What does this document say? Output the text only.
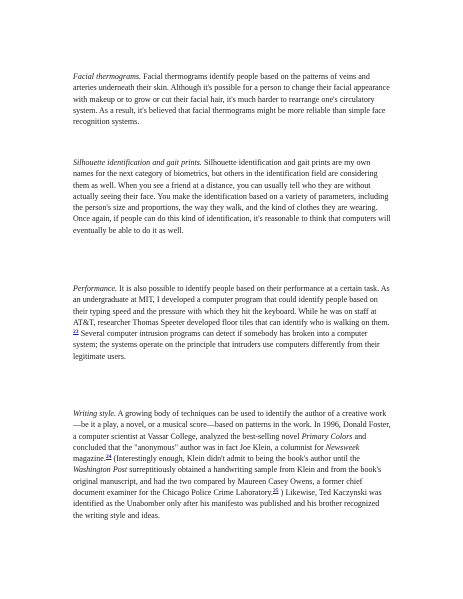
Facial thermograms. Facial thermograms identify people based on the patterns of veins and arteries underneath their skin. Although it's possible for a person to change their facial appearance with makeup or to grow or cut their facial hair, it's much harder to rearrange one's circulatory system. As a result, it's believed that facial thermograms might be more reliable than simple face recognition systems.

Silhouette identification and gait prints. Silhouette identification and gait prints are my own names for the next category of biometrics, but others in the identification field are considering them as well. When you see a friend at a distance, you can usually tell who they are without actually seeing their face. You make the identification based on a variety of parameters, including the person's size and proportions, the way they walk, and the kind of clothes they are wearing. Once again, if people can do this kind of identification, it's reasonable to think that computers will eventually be able to do it as well.

Performance. It is also possible to identify people based on their performance at a certain task. As an undergraduate at MIT, I developed a computer program that could identify people based on their typing speed and the pressure with which they hit the keyboard. While he was on staff at AT&T, researcher Thomas Speeter developed floor tiles that can identify who is walking on them. $^{23}$ Several computer intrusion programs can detect if somebody has broken into a computer system; the systems operate on the principle that intruders use computers differently from their legitimate users.

Writing style. A growing body of techniques can be used to identify the author of a creative work—be it a play, a novel, or a musical score—based on patterns in the work. In 1996, Donald Foster, a computer scientist at Vassar College, analyzed the best-selling novel Primary Colors and concluded that the "anonymous" author was in fact Joe Klein, a columnist for Newsweek magazine.$^{24}$ (Interestingly enough, Klein didn't admit to being the book's author until the Washington Post surreptitiously obtained a handwriting sample from Klein and from the book's original manuscript, and had the two compared by Maureen Casey Owens, a former chief document examiner for the Chicago Police Crime Laboratory.$^{25}$ ) Likewise, Ted Kaczynski was identified as the Unabomber only after his manifesto was published and his brother recognized the writing style and ideas.
